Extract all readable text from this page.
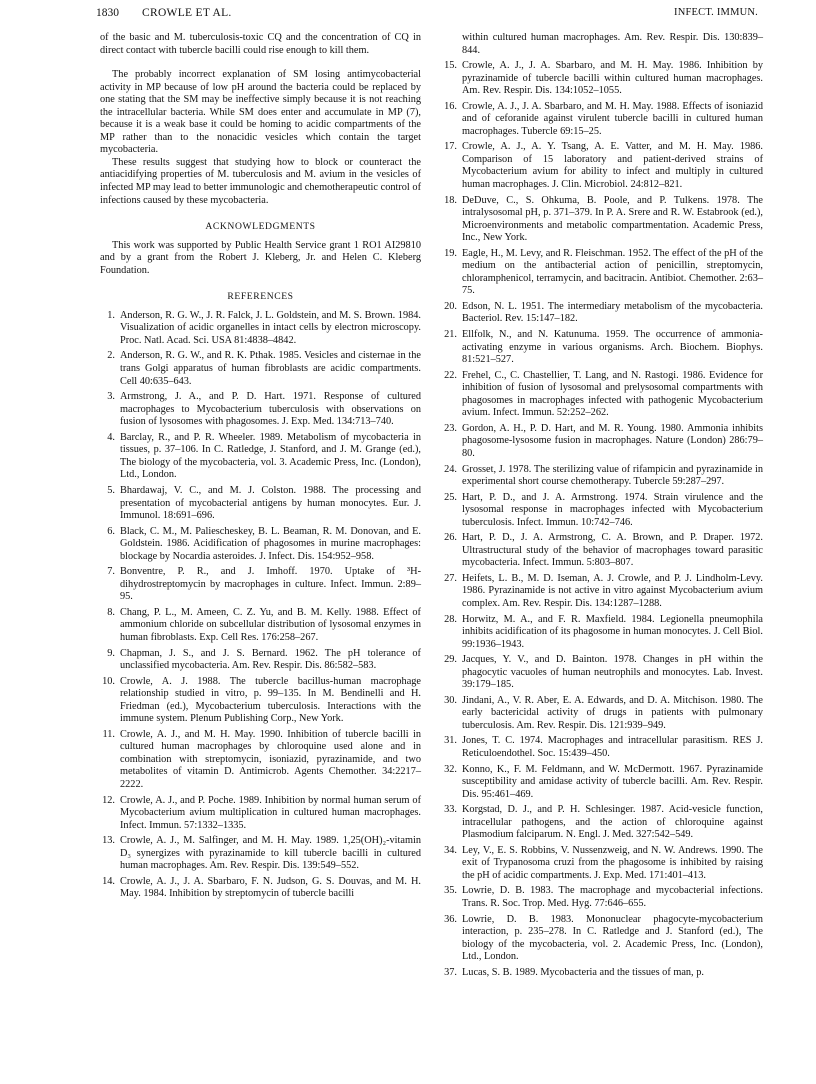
1830 CROWLE ET AL.	INFECT. IMMUN.

of the basic and M. tuberculosis-toxic CQ and the concentration of CQ in direct contact with tubercle bacilli could rise enough to kill them.

The probably incorrect explanation of SM losing antimycobacterial activity in MP because of low pH around the bacteria could be replaced by one stating that the SM may be ineffective simply because it is not reaching the intracellular bacteria. While SM does enter and accumulate in MP (7), because it is a weak base it could be homing to acidic compartments of the MP rather than to the nonacidic vesicles which contain the target mycobacteria.

These results suggest that studying how to block or counteract the antiacidifying properties of M. tuberculosis and M. avium in the vesicles of infected MP may lead to better immunologic and chemotherapeutic control of infections caused by these mycobacteria.

ACKNOWLEDGMENTS

This work was supported by Public Health Service grant 1 RO1 AI29810 and by a grant from the Robert J. Kleberg, Jr. and Helen C. Kleberg Foundation.

REFERENCES
1. Anderson, R. G. W., J. R. Falck, J. L. Goldstein, and M. S. Brown. 1984. Visualization of acidic organelles in intact cells by electron microscopy. Proc. Natl. Acad. Sci. USA 81:4838–4842.
2. Anderson, R. G. W., and R. K. Pthak. 1985. Vesicles and cisternae in the trans Golgi apparatus of human fibroblasts are acidic compartments. Cell 40:635–643.
3. Armstrong, J. A., and P. D. Hart. 1971. Response of cultured macrophages to Mycobacterium tuberculosis with observations on fusion of lysosomes with phagosomes. J. Exp. Med. 134:713–740.
4. Barclay, R., and P. R. Wheeler. 1989. Metabolism of mycobacteria in tissues, p. 37–106. In C. Ratledge, J. Stanford, and J. M. Grange (ed.), The biology of the mycobacteria, vol. 3. Academic Press, Inc. (London), Ltd., London.
5. Bhardawaj, V. C., and M. J. Colston. 1988. The processing and presentation of mycobacterial antigens by human monocytes. Eur. J. Immunol. 18:691–696.
6. Black, C. M., M. Paliescheskey, B. L. Beaman, R. M. Donovan, and E. Goldstein. 1986. Acidification of phagosomes in murine macrophages: blockage by Nocardia asteroides. J. Infect. Dis. 154:952–958.
7. Bonventre, P. R., and J. Imhoff. 1970. Uptake of ³H-dihydrostreptomycin by macrophages in culture. Infect. Immun. 2:89–95.
8. Chang, P. L., M. Ameen, C. Z. Yu, and B. M. Kelly. 1988. Effect of ammonium chloride on subcellular distribution of lysosomal enzymes in human fibroblasts. Exp. Cell Res. 176:258–267.
9. Chapman, J. S., and J. S. Bernard. 1962. The pH tolerance of unclassified mycobacteria. Am. Rev. Respir. Dis. 86:582–583.
10. Crowle, A. J. 1988. The tubercle bacillus-human macrophage relationship studied in vitro, p. 99–135. In M. Bendinelli and H. Friedman (ed.), Mycobacterium tuberculosis. Interactions with the immune system. Plenum Publishing Corp., New York.
11. Crowle, A. J., and M. H. May. 1990. Inhibition of tubercle bacilli in cultured human macrophages by chloroquine used alone and in combination with streptomycin, isoniazid, pyrazinamide, and two metabolites of vitamin D. Antimicrob. Agents Chemother. 34:2217–2222.
12. Crowle, A. J., and P. Poche. 1989. Inhibition by normal human serum of Mycobacterium avium multiplication in cultured human macrophages. Infect. Immun. 57:1332–1335.
13. Crowle, A. J., M. Salfinger, and M. H. May. 1989. 1,25(OH)₂-vitamin D₃ synergizes with pyrazinamide to kill tubercle bacilli in cultured human macrophages. Am. Rev. Respir. Dis. 139:549–552.
14. Crowle, A. J., J. A. Sbarbaro, F. N. Judson, G. S. Douvas, and M. H. May. 1984. Inhibition by streptomycin of tubercle bacilli
within cultured human macrophages. Am. Rev. Respir. Dis. 130:839–844.
15. Crowle, A. J., J. A. Sbarbaro, and M. H. May. 1986. Inhibition by pyrazinamide of tubercle bacilli within cultured human macrophages. Am. Rev. Respir. Dis. 134:1052–1055.
16. Crowle, A. J., J. A. Sbarbaro, and M. H. May. 1988. Effects of isoniazid and of ceforanide against virulent tubercle bacilli in cultured human macrophages. Tubercle 69:15–25.
17. Crowle, A. J., A. Y. Tsang, A. E. Vatter, and M. H. May. 1986. Comparison of 15 laboratory and patient-derived strains of Mycobacterium avium for ability to infect and multiply in cultured human macrophages. J. Clin. Microbiol. 24:812–821.
18. DeDuve, C., S. Ohkuma, B. Poole, and P. Tulkens. 1978. The intralysosomal pH, p. 371–379. In P. A. Srere and R. W. Estabrook (ed.), Microenvironments and metabolic compartmentation. Academic Press, Inc., New York.
19. Eagle, H., M. Levy, and R. Fleischman. 1952. The effect of the pH of the medium on the antibacterial action of penicillin, streptomycin, chloramphenicol, terramycin, and bacitracin. Antibiot. Chemother. 2:63–75.
20. Edson, N. L. 1951. The intermediary metabolism of the mycobacteria. Bacteriol. Rev. 15:147–182.
21. Ellfolk, N., and N. Katunuma. 1959. The occurrence of ammonia-activating enzyme in various organisms. Arch. Biochem. Biophys. 81:521–527.
22. Frehel, C., C. Chastellier, T. Lang, and N. Rastogi. 1986. Evidence for inhibition of fusion of lysosomal and prelysosomal compartments with phagosomes in macrophages infected with pathogenic Mycobacterium avium. Infect. Immun. 52:252–262.
23. Gordon, A. H., P. D. Hart, and M. R. Young. 1980. Ammonia inhibits phagosome-lysosome fusion in macrophages. Nature (London) 286:79–80.
24. Grosset, J. 1978. The sterilizing value of rifampicin and pyrazinamide in experimental short course chemotherapy. Tubercle 59:287–297.
25. Hart, P. D., and J. A. Armstrong. 1974. Strain virulence and the lysosomal response in macrophages infected with Mycobacterium tuberculosis. Infect. Immun. 10:742–746.
26. Hart, P. D., J. A. Armstrong, C. A. Brown, and P. Draper. 1972. Ultrastructural study of the behavior of macrophages toward parasitic mycobacteria. Infect. Immun. 5:803–807.
27. Heifets, L. B., M. D. Iseman, A. J. Crowle, and P. J. Lindholm-Levy. 1986. Pyrazinamide is not active in vitro against Mycobacterium avium complex. Am. Rev. Respir. Dis. 134:1287–1288.
28. Horwitz, M. A., and F. R. Maxfield. 1984. Legionella pneumophila inhibits acidification of its phagosome in human monocytes. J. Cell Biol. 99:1936–1943.
29. Jacques, Y. V., and D. Bainton. 1978. Changes in pH within the phagocytic vacuoles of human neutrophils and monocytes. Lab. Invest. 39:179–185.
30. Jindani, A., V. R. Aber, E. A. Edwards, and D. A. Mitchison. 1980. The early bactericidal activity of drugs in patients with pulmonary tuberculosis. Am. Rev. Respir. Dis. 121:939–949.
31. Jones, T. C. 1974. Macrophages and intracellular parasitism. RES J. Reticuloendothel. Soc. 15:439–450.
32. Konno, K., F. M. Feldmann, and W. McDermott. 1967. Pyrazinamide susceptibility and amidase activity of tubercle bacilli. Am. Rev. Respir. Dis. 95:461–469.
33. Korgstad, D. J., and P. H. Schlesinger. 1987. Acid-vesicle function, intracellular pathogens, and the action of chloroquine against Plasmodium falciparum. N. Engl. J. Med. 327:542–549.
34. Ley, V., E. S. Robbins, V. Nussenzweig, and N. W. Andrews. 1990. The exit of Trypanosoma cruzi from the phagosome is inhibited by raising the pH of acidic compartments. J. Exp. Med. 171:401–413.
35. Lowrie, D. B. 1983. The macrophage and mycobacterial infections. Trans. R. Soc. Trop. Med. Hyg. 77:646–655.
36. Lowrie, D. B. 1983. Mononuclear phagocyte-mycobacterium interaction, p. 235–278. In C. Ratledge and J. Stanford (ed.), The biology of the mycobacteria, vol. 2. Academic Press, Inc. (London), Ltd., London.
37. Lucas, S. B. 1989. Mycobacteria and the tissues of man, p.
